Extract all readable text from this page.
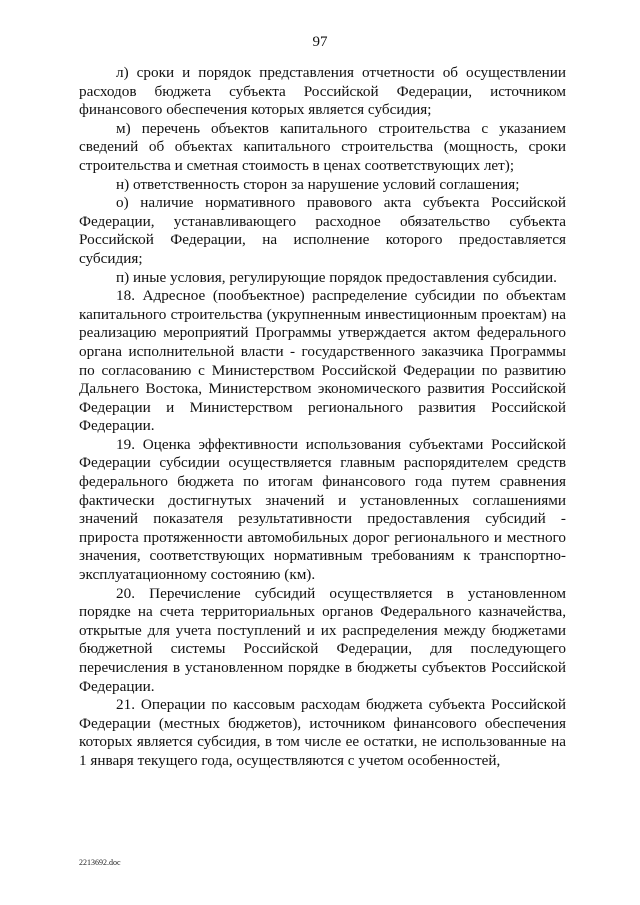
97

л) сроки и порядок представления отчетности об осуществлении расходов бюджета субъекта Российской Федерации, источником финансового обеспечения которых является субсидия;

м) перечень объектов капитального строительства с указанием сведений об объектах капитального строительства (мощность, сроки строительства и сметная стоимость в ценах соответствующих лет);

н) ответственность сторон за нарушение условий соглашения;

о) наличие нормативного правового акта субъекта Российской Федерации, устанавливающего расходное обязательство субъекта Российской Федерации, на исполнение которого предоставляется субсидия;

п) иные условия, регулирующие порядок предоставления субсидии.

18. Адресное (пообъектное) распределение субсидии по объектам капитального строительства (укрупненным инвестиционным проектам) на реализацию мероприятий Программы утверждается актом федерального органа исполнительной власти - государственного заказчика Программы по согласованию с Министерством Российской Федерации по развитию Дальнего Востока, Министерством экономического развития Российской Федерации и Министерством регионального развития Российской Федерации.

19. Оценка эффективности использования субъектами Российской Федерации субсидии осуществляется главным распорядителем средств федерального бюджета по итогам финансового года путем сравнения фактически достигнутых значений и установленных соглашениями значений показателя результативности предоставления субсидий - прироста протяженности автомобильных дорог регионального и местного значения, соответствующих нормативным требованиям к транспортно-эксплуатационному состоянию (км).

20. Перечисление субсидий осуществляется в установленном порядке на счета территориальных органов Федерального казначейства, открытые для учета поступлений и их распределения между бюджетами бюджетной системы Российской Федерации, для последующего перечисления в установленном порядке в бюджеты субъектов Российской Федерации.

21. Операции по кассовым расходам бюджета субъекта Российской Федерации (местных бюджетов), источником финансового обеспечения которых является субсидия, в том числе ее остатки, не использованные на 1 января текущего года, осуществляются с учетом особенностей,

2213692.doc
